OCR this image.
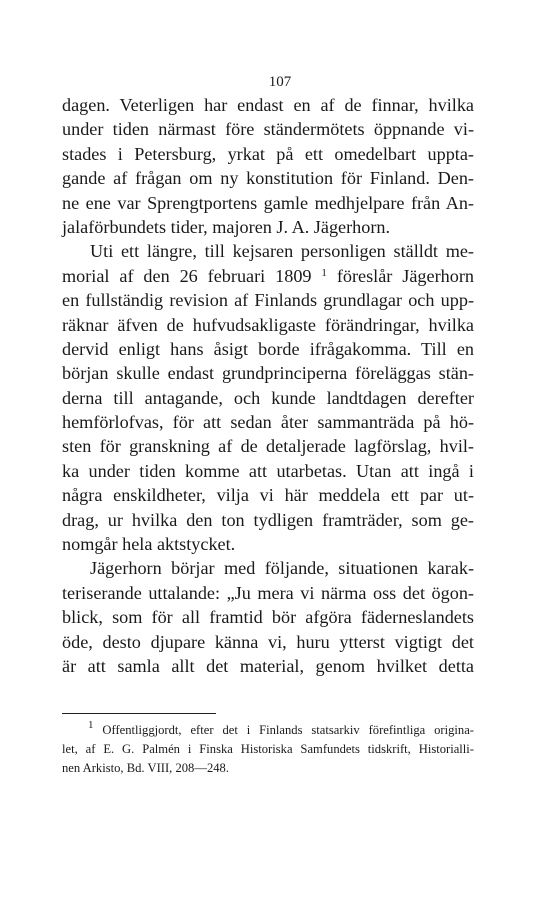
107
dagen. Veterligen har endast en af de finnar, hvilka
under tiden närmast före ständermötets öppnande vi-
stades i Petersburg, yrkat på ett omedelbart uppta-
gande af frågan om ny konstitution för Finland. Den-
ne ene var Sprengtportens gamle medhjelpare från An-
jalaförbundets tider, majoren J. A. Jägerhorn.
Uti ett längre, till kejsaren personligen ställdt me-
morial af den 26 februari 1809 $^1$ föreslår Jägerhorn
en fullständig revision af Finlands grundlagar och upp-
räknar äfven de hufvudsakligaste förändringar, hvilka
dervid enligt hans åsigt borde ifrågakomma. Till en
början skulle endast grundprinciperna föreläggas stän-
derna till antagande, och kunde landtdagen derefter
hemförlofvas, för att sedan åter sammanträda på hö-
sten för granskning af de detaljerade lagförslag, hvil-
ka under tiden komme att utarbetas. Utan att ingå i
några enskildheter, vilja vi här meddela ett par ut-
drag, ur hvilka den ton tydligen framträder, som ge-
nomgår hela aktstycket.
Jägerhorn börjar med följande, situationen karak-
teriserande uttalande: „Ju mera vi närma oss det ögon-
blick, som för all framtid bör afgöra fäderneslandets
öde, desto djupare känna vi, huru ytterst vigtigt det
är att samla allt det material, genom hvilket detta
$^1$ Offentliggjordt, efter det i Finlands statsarkiv förefintliga origina-
let, af E. G. Palmén i Finska Historiska Samfundets tidskrift, Historialli-
nen Arkisto, Bd. VIII, 208—248.
